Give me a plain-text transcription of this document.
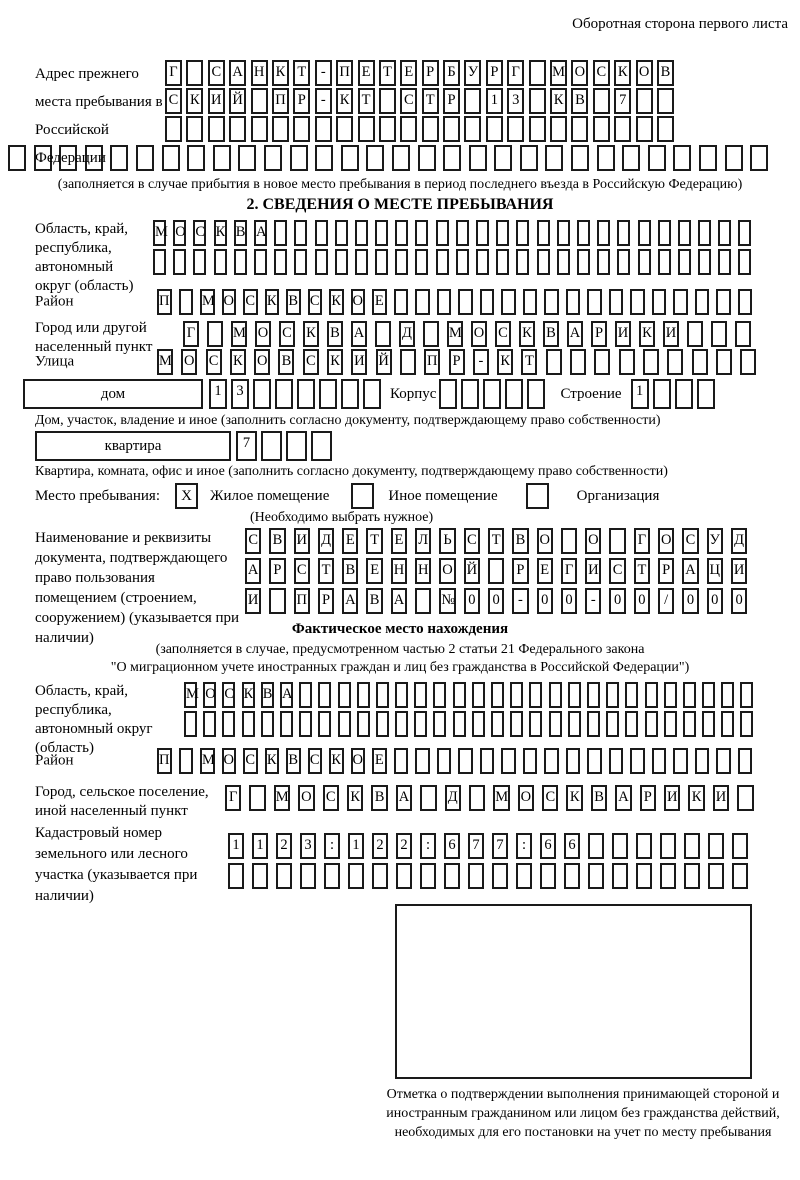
Оборотная сторона первого листа
Адрес прежнего места пребывания в Российской Федерации
Г С А Н К Т	- П Е Т Е Р Б У Р Г М О С К О В
С К И Й П Р	- К Т С Т Р	1 3	К В	7
(заполняется в случае прибытия в новое место пребывания в период последнего въезда в Российскую Федерацию)
2. СВЕДЕНИЯ О МЕСТЕ ПРЕБЫВАНИЯ
Область, край, республика, автономный округ (область)
М О С К В А
Район	П М О С К В С К О Е
Город или другой населенный пункт
Г	М О С К В А	Д	М О С К В А Р И К И
Улица	М О С К О В С К И Й	П Р	-	К Т
дом	1	3	Корпус	Строение 1
Дом, участок, владение и иное (заполнить согласно документу, подтверждающему право собственности)
квартира	7
Квартира, комната, офис и иное (заполнить согласно документу, подтверждающему право собственности)
Место пребывания:	X	Жилое помещение	Иное помещение	Организация
(Необходимо выбрать нужное)
Наименование и реквизиты документа, подтверждающего право пользования помещением (строением, сооружением) (указывается при наличии)
С В И Д Е Т Е Л Ь С Т В О	О	Г О С У Д
А Р С Т В Е Н Н О Й	Р Е Г И С Т Р А Ц И
И	П Р А В А	№ 0	0	-	0	0	-	0	0	/	0	0	0
Фактическое место нахождения
(заполняется в случае, предусмотренном частью 2 статьи 21 Федерального закона
"О миграционном учете иностранных граждан и лиц без гражданства в Российской Федерации")
Область, край, республика, автономный округ (область)
М О С К В А
Район	П М О С К В С К О Е
Город, сельское поселение, иной населенный пункт
Г	М О С К В А	Д	М О С К В А Р И К И
Кадастровый номер земельного или лесного участка (указывается при наличии)
1	1	2	3	:	1	2	2	:	6	7	7	:	6	6
Отметка о подтверждении выполнения принимающей стороной и иностранным гражданином или лицом без гражданства действий, необходимых для его постановки на учет по месту пребывания
